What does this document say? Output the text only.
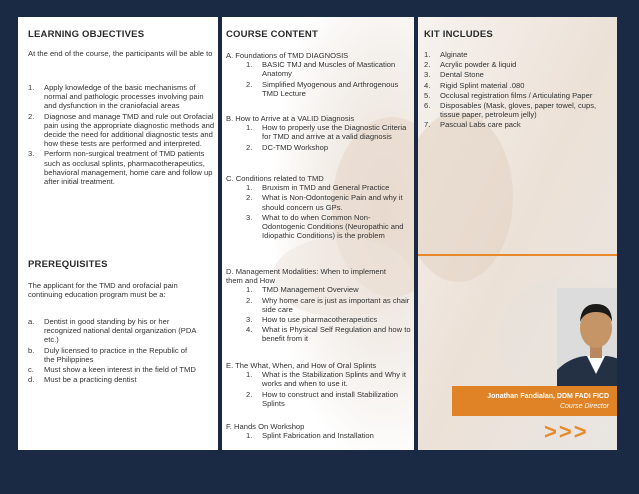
LEARNING OBJECTIVES
At the end of the course, the participants will be able to
1. Apply knowledge of the basic mechanisms of normal and pathologic processes involving pain and dysfunction in the craniofacial areas
2. Diagnose and manage TMD and rule out Orofacial pain using the appropriate diagnostic methods and decide the need for additional diagnostic tests and how these tests are performed and interpreted.
3. Perform non-surgical treatment of TMD patients such as occlusal splints, pharmacotherapeutics, behavioral management, home care and follow up after initial treatment.
PREREQUISITES
The applicant for the TMD and orofacial pain continuing education program must be a:
a. Dentist in good standing by his or her recognized national dental organization (PDA etc.)
b. Duly licensed to practice in the Republic of the Philippines
c. Must show a keen interest in the field of TMD
d. Must be a practicing dentist
COURSE CONTENT
A. Foundations of TMD DIAGNOSIS
1. BASIC TMJ and Muscles of Mastication Anatomy
2. Simplified Myogenous and Arthrogenous TMD Lecture
B. How to Arrive at a VALID Diagnosis
1. How to properly use the Diagnostic Criteria for TMD and arrive at a valid diagnosis
2. DC-TMD Workshop
C. Conditions related to TMD
1. Bruxism in TMD and General Practice
2. What is Non-Odontogenic Pain and why it should concern us GPs.
3. What to do when Common Non-Odontogenic Conditions (Neuropathic and Idiopathic Conditions) is the problem
D. Management Modalities: When to implement them and How
1. TMD Management Overview
2. Why home care is just as important as chair side care
3. How to use pharmacotherapeutics
4. What is Physical Self Regulation and how to benefit from it
E. The What, When, and How of Oral Splints
1. What is the Stabilization Splints and Why it works and when to use it.
2. How to construct and install Stabilization Splints
F. Hands On Workshop
1. Splint Fabrication and Installation
KIT INCLUDES
1. Alginate
2. Acrylic powder & liquid
3. Dental Stone
4. Rigid Splint material .080
5. Occlusal registration films / Articulating Paper
6. Disposables (Mask, gloves, paper towel, cups, tissue paper, petroleum jelly)
7. Pascual Labs care pack
Jonathan Fandialan, DDM FADI FICD
Course Director
>>>
